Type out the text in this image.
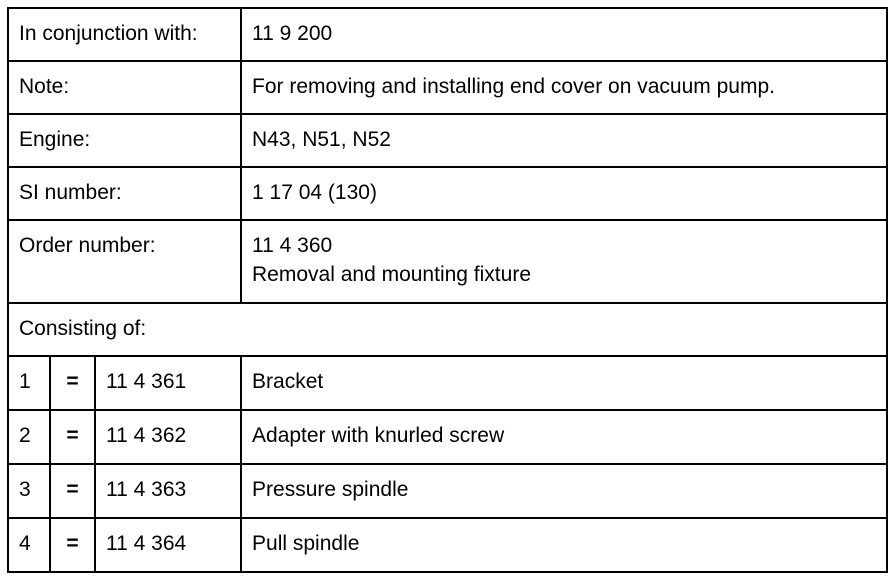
In conjunction with:			11 9 200
Note:			For removing and installing end cover on vacuum pump.
Engine:			N43, N51, N52
SI number:			1 17 04 (130)
Order number:			11 4 360
Removal and mounting fixture

Consisting of:			
1	=	11 4 361	Bracket
2	=	11 4 362	Adapter with knurled screw
3	=	11 4 363	Pressure spindle
4	=	11 4 364	Pull spindle
